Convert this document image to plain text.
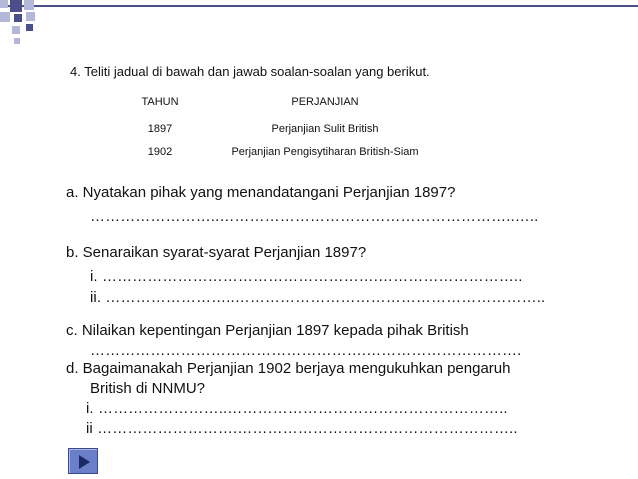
4. Teliti jadual di bawah dan jawab soalan-soalan yang berikut.
TAHUN	PERJANJIAN
1897	Perjanjian Sulit British
1902	Perjanjian Pengisytiharan British-Siam
a. Nyatakan pihak yang menandatangani Perjanjian 1897?
……………………..…………………………………………………..…..
b. Senaraikan syarat-syarat Perjanjian 1897?
i. ……………………………………………….………………………..
ii. ……………………..……………………………………………………..
c. Nilaikan kepentingan Perjanjian 1897 kepada pihak British
……………………………………………….………………………….
d. Bagaimanakah Perjanjian 1902 berjaya mengukuhkan pengaruh
British di NNMU?
i. ……………………..………………………………………………..
ii ……………………….………………………………………………..
